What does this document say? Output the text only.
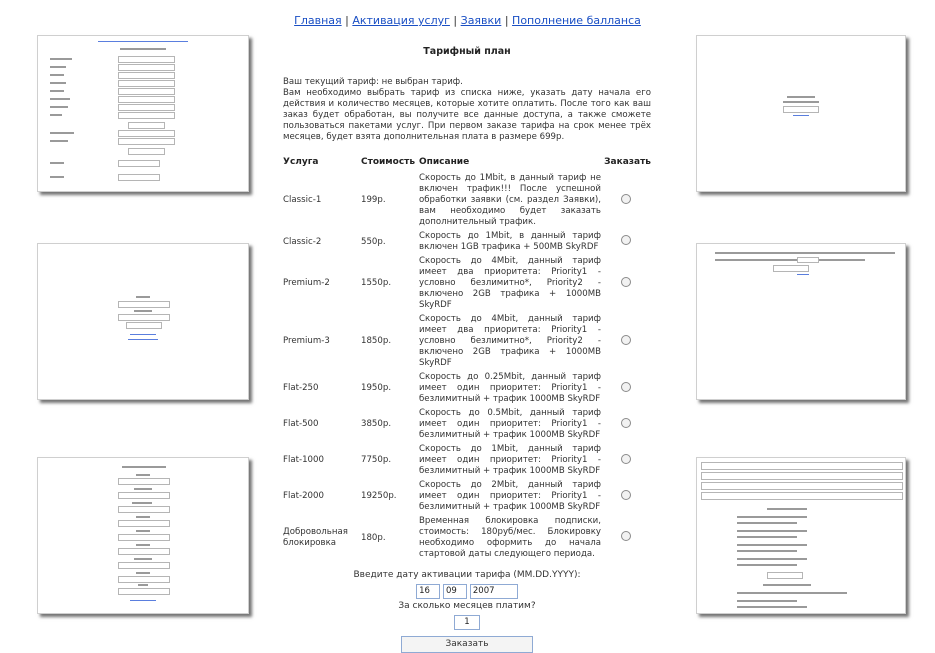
Главная | Активация услуг | Заявки | Пополнение балланса
Тарифный план

Ваш текущий тариф: не выбран тариф.
Вам необходимо выбрать тариф из списка ниже, указать дату начала его действия и количество месяцев, которые хотите оплатить. После того как ваш заказ будет обработан, вы получите все данные доступа, а также сможете пользоваться пакетами услуг. При первом заказе тарифа на срок менее трёх месяцев, будет взята дополнительная плата в размере 699р.

Услуга	Стоимость	Описание	Заказать
Classic-1	199р.	Скорость до 1Mbit, в данный тариф не включен трафик!!! После успешной обработки заявки (см. раздел Заявки), вам необходимо будет заказать дополнительный трафик.	
Classic-2	550р.	Скорость до 1Mbit, в данный тариф включен 1GB трафика + 500MB SkyRDF	
Premium-2	1550р.	Скорость до 4Mbit, данный тариф имеет два приоритета: Priority1 - условно безлимитно*, Priority2 - включено 2GB трафика + 1000MB SkyRDF	
Premium-3	1850р.	Скорость до 4Mbit, данный тариф имеет два приоритета: Priority1 - условно безлимитно*, Priority2 - включено 2GB трафика + 1000MB SkyRDF	
Flat-250	1950р.	Скорость до 0.25Mbit, данный тариф имеет один приоритет: Priority1 - безлимитный + трафик 1000MB SkyRDF	
Flat-500	3850р.	Скорость до 0.5Mbit, данный тариф имеет один приоритет: Priority1 - безлимитный + трафик 1000MB SkyRDF	
Flat-1000	7750р.	Скорость до 1Mbit, данный тариф имеет один приоритет: Priority1 - безлимитный + трафик 1000MB SkyRDF	
Flat-2000	19250р.	Скорость до 2Mbit, данный тариф имеет один приоритет: Priority1 - безлимитный + трафик 1000MB SkyRDF	
Добровольная блокировка	180р.	Временная блокировка подписки, стоимость: 180руб/мес. Блокировку необходимо оформить до начала стартовой даты следующего периода.	
Введите дату активации тарифа (MM.DD.YYYY):
16 09 2007
За сколько месяцев платим?
1
Заказать
